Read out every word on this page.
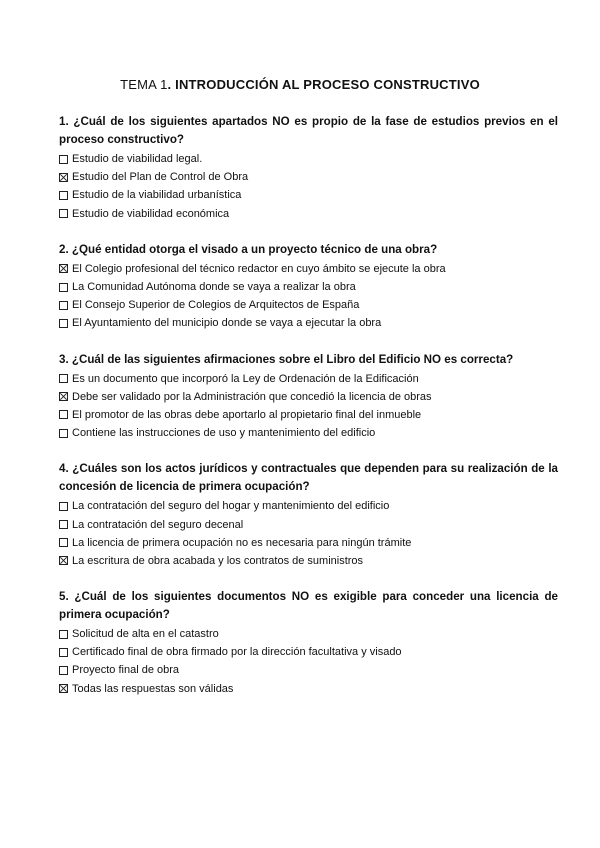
TEMA 1. INTRODUCCIÓN AL PROCESO CONSTRUCTIVO
1. ¿Cuál de los siguientes apartados NO es propio de la fase de estudios previos en el proceso constructivo?
Estudio de viabilidad legal.
Estudio del Plan de Control de Obra
Estudio de la viabilidad urbanística
Estudio de viabilidad económica
2. ¿Qué entidad otorga el visado a un proyecto técnico de una obra?
El Colegio profesional del técnico redactor en cuyo ámbito se ejecute la obra
La Comunidad Autónoma donde se vaya a realizar la obra
El Consejo Superior de Colegios de Arquitectos de España
El Ayuntamiento del municipio donde se vaya a ejecutar la obra
3. ¿Cuál de las siguientes afirmaciones sobre el Libro del Edificio NO es correcta?
Es un documento que incorporó la Ley de Ordenación de la Edificación
Debe ser validado por la Administración que concedió la licencia de obras
El promotor de las obras debe aportarlo al propietario final del inmueble
Contiene las instrucciones de uso y mantenimiento del edificio
4. ¿Cuáles son los actos jurídicos y contractuales que dependen para su realización de la concesión de licencia de primera ocupación?
La contratación del seguro del hogar y mantenimiento del edificio
La contratación del seguro decenal
La licencia de primera ocupación no es necesaria para ningún trámite
La escritura de obra acabada y los contratos de suministros
5. ¿Cuál de los siguientes documentos NO es exigible para conceder una licencia de primera ocupación?
Solicitud de alta en el catastro
Certificado final de obra firmado por la dirección facultativa y visado
Proyecto final de obra
Todas las respuestas son válidas
